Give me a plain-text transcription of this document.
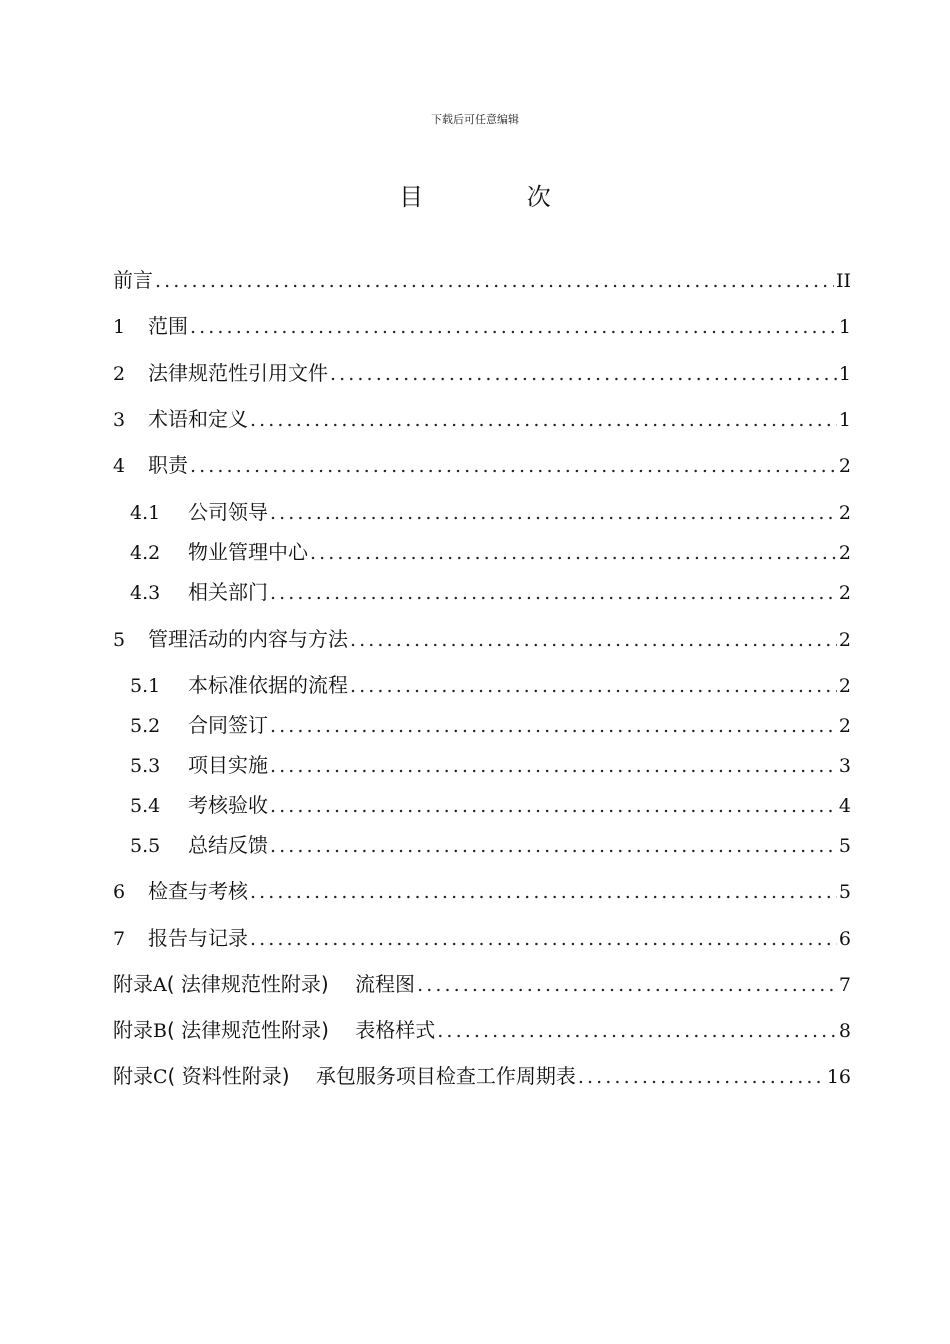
下载后可任意编辑
目 次
前言 .....	II
1	范围 .....	1
2	法律规范性引用文件 .....	1
3	术语和定义 .....	1
4	职责 .....	2
4.1	公司领导 .....	2
4.2	物业管理中心 .....	2
4.3	相关部门 .....	2
5	管理活动的内容与方法 .....	2
5.1	本标准依据的流程 .....	2
5.2	合同签订 .....	2
5.3	项目实施 .....	3
5.4	考核验收 .....	4
5.5	总结反馈 .....	5
6	检查与考核 .....	5
7	报告与记录 .....	6
附录A( 法律规范性附录)　 流程图 .....	7
附录B( 法律规范性附录)　 表格样式 .....	8
附录C( 资料性附录)　 承包服务项目检查工作周期表 .....	16
